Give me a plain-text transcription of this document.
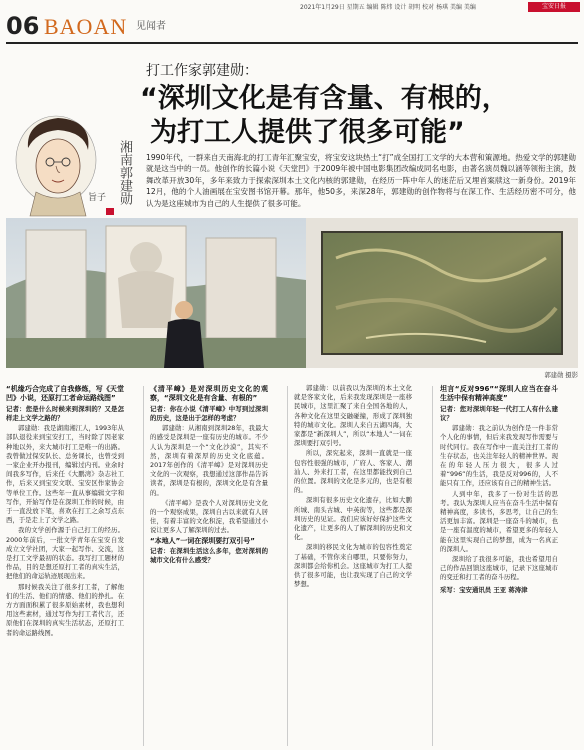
2021年1月29日 星期五 编辑 陈炜 设计 胡明 校对 杨琪 美编 美编	宝安日报
06 BAOAN 见闻者
湘南郭建勋
旨子
打工作家郭建勋：
“深圳文化是有含量、有根的，
为打工人提供了很多可能”
1990年代，一群来自天南海北的打工青年汇聚宝安，将宝安这块热土“打”成全国打工文学的大本营和策源地。热爱文学的郭建勋就是这当中的一员。他创作的长篇小说《天堂凹》于2009年被中国电影集团改编成同名电影，由著名演员魏以涵等领衔主演，鼓舞改革开放30年，多年来致力于探索深圳本土文化内核的郭建勋，在经历一阵中年人的迷茫后又埋首案牍这一新身份。2019年12月，他的个人油画展在宝安图书馆开幕。那年，他50多，来深28年，郭建勋的创作物将与在深工作、生活经历密不可分，他认为是这座城市为自己的人生提供了很多可能。
郭建勋 摄影
“机缘巧合完成了自我修炼，写《天堂凹》小说，还原打工者命运路线图”

记者：您是什么时候来到深圳的？又是怎样走上文学之路的？

郭建勋：我是湖南湘江人，1993年从部队退役来到宝安打工，当时除了因老家种地以外，来大城市打工是唯一的出路。我曾做过保安队长、总务课长，也曾受到一家企业开办报刊，编辑过内刊。业余时间我多写作，后来任《大鹏湾》杂志社工作，后来又到宝安文联、宝安区作家协会等单位工作。这些年一直从事编辑文字和写作，开始写作是在深圳工作的时候，由于一直没放下笔，喜欢在打工之余写点东西，于是走上了文学之路。

我的文学创作源于自己打工的经历。2000年前后，一批文学青年在宝安自发成立文学社团，大家一起写作、交流，这是打工文学最初的状态。我写打工题材的作品，目的是想还原打工者的真实生活，把他们的命运轨迹展现出来。

那时候我关注了很多打工者，了解他们的生活、他们的情感、他们的挣扎。在方方面面积累了很多原始素材，我也想利用这些素材，通过写作为打工者代言，还原他们在深圳的真实生活状态，还原打工者的命运路线图。

《清平嶂》是对深圳历史文化的观察，“深圳文化是有含量、有根的”

记者：你在小说《清平嶂》中写到过深圳的历史，这是出于怎样的考虑？

郭建勋：从湘南到深圳28年，我最大的感受是深圳是一座有历史的城市。不少人认为深圳是一个“文化沙漠”，其实不然，深圳有着深厚的历史文化底蕴。2017年创作的《清平嶂》是对深圳历史文化的一次观察，我想通过这部作品告诉读者，深圳是有根的，深圳文化是有含量的。

《清平嶂》是我个人对深圳历史文化的一个观察成果，深圳自古以来就有人居住，有着丰富的文化积淀，我希望通过小说让更多人了解深圳的过去。

“本地人”一词在深圳要打双引号”

记者：在深圳生活这么多年，您对深圳的城市文化有什么感受？

郭建勋：以前我以为深圳的本土文化就是客家文化，后来我发现深圳是一座移民城市，这里汇聚了来自全国各地的人，各种文化在这里交融碰撞，形成了深圳独特的城市文化。深圳人来自五湖四海，大家都是“新深圳人”，所以“本地人”一词在深圳要打双引号。

所以，深究起来，深圳一直就是一座包容性很强的城市，广府人、客家人、潮汕人、外来打工者，在这里都能找到自己的位置。深圳的文化是多元的，也是有根的。

深圳有很多历史文化遗存，比如大鹏所城、南头古城、中英街等，这些都是深圳历史的见证。我们应该好好保护这些文化遗产，让更多的人了解深圳的历史和文化。

深圳的移民文化为城市的包容性奠定了基础，不管你来自哪里，只要你努力，深圳都会给你机会。这座城市为打工人提供了很多可能，也让我实现了自己的文学梦想。

坦言“反对996”“深圳人应当在奋斗生活中保有精神高度”

记者：您对深圳年轻一代打工人有什么建议？

郭建勋：我之前认为创作是一件非常个人化的事情，但后来我发现写作需要与时代同行。我在写作中一直关注打工者的生存状态，也关注年轻人的精神世界。现在的年轻人压力很大，很多人过着“996”的生活，我是反对996的，人不能只有工作，还应该有自己的精神生活。

人到中年，我多了一份对生活的思考。我认为深圳人应当在奋斗生活中保有精神高度，多读书，多思考，让自己的生活更加丰富。深圳是一座奋斗的城市，也是一座有温度的城市，希望更多的年轻人能在这里实现自己的梦想，成为一名真正的深圳人。

深圳给了我很多可能，我也希望用自己的作品回馈这座城市，记录下这座城市的变迁和打工者的奋斗历程。

采写：宝安通讯员 王亚 蒋涛津
